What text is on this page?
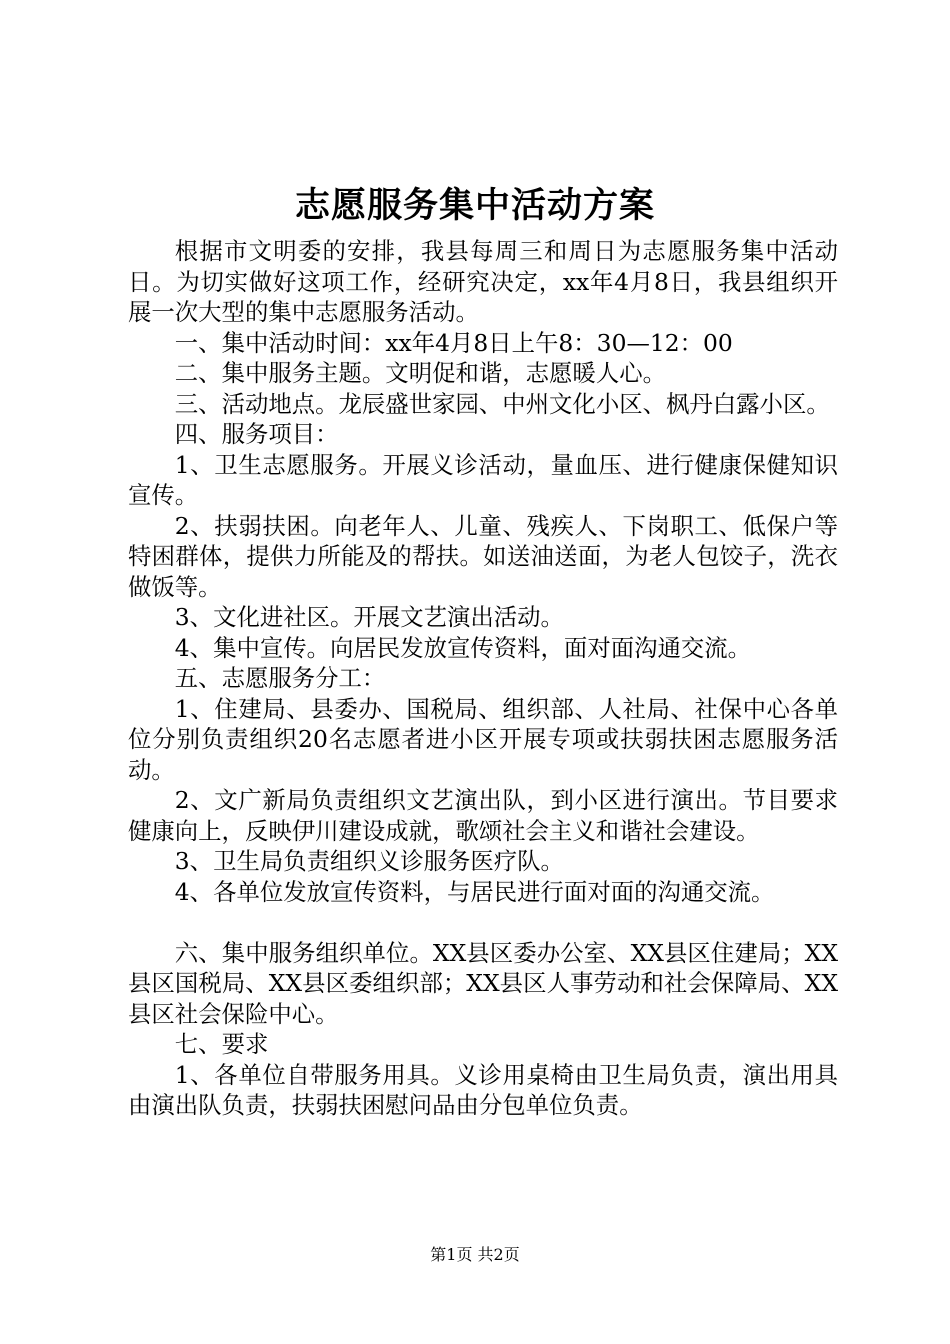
志愿服务集中活动方案

根据市文明委的安排，我县每周三和周日为志愿服务集中活动日。为切实做好这项工作，经研究决定，xx年4月8日，我县组织开展一次大型的集中志愿服务活动。

一、集中活动时间：xx年4月8日上午8：30—12：00

二、集中服务主题。文明促和谐，志愿暖人心。

三、活动地点。龙辰盛世家园、中州文化小区、枫丹白露小区。

四、服务项目：

1、卫生志愿服务。开展义诊活动，量血压、进行健康保健知识宣传。

2、扶弱扶困。向老年人、儿童、残疾人、下岗职工、低保户等特困群体，提供力所能及的帮扶。如送油送面，为老人包饺子，洗衣做饭等。

3、文化进社区。开展文艺演出活动。

4、集中宣传。向居民发放宣传资料，面对面沟通交流。

五、志愿服务分工：

1、住建局、县委办、国税局、组织部、人社局、社保中心各单位分别负责组织20名志愿者进小区开展专项或扶弱扶困志愿服务活动。

2、文广新局负责组织文艺演出队，到小区进行演出。节目要求健康向上，反映伊川建设成就，歌颂社会主义和谐社会建设。

3、卫生局负责组织义诊服务医疗队。

4、各单位发放宣传资料，与居民进行面对面的沟通交流。

六、集中服务组织单位。XX县区委办公室、XX县区住建局；XX县区国税局、XX县区委组织部；XX县区人事劳动和社会保障局、XX县区社会保险中心。

七、要求

1、各单位自带服务用具。义诊用桌椅由卫生局负责，演出用具由演出队负责，扶弱扶困慰问品由分包单位负责。

第1页 共2页
